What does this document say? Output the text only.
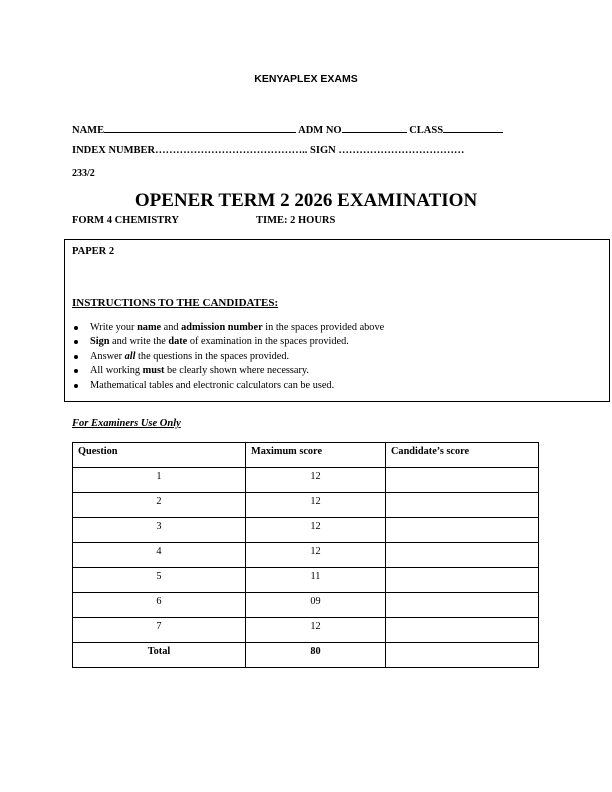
KENYAPLEX EXAMS
NAME	ADM NO	CLASS
INDEX NUMBER…………………………………….. SIGN ………………………………
233/2
OPENER TERM 2 2026 EXAMINATION
FORM 4 CHEMISTRY	TIME: 2 HOURS
PAPER 2
INSTRUCTIONS TO THE CANDIDATES:
Write your name and admission number in the spaces provided above
Sign and write the date of examination in the spaces provided.
Answer all the questions in the spaces provided.
All working must be clearly shown where necessary.
Mathematical tables and electronic calculators can be used.
For Examiners Use Only
Question	Maximum score	Candidate’s score
1	12	
2	12	
3	12	
4	12	
5	11	
6	09	
7	12	
Total	80	
